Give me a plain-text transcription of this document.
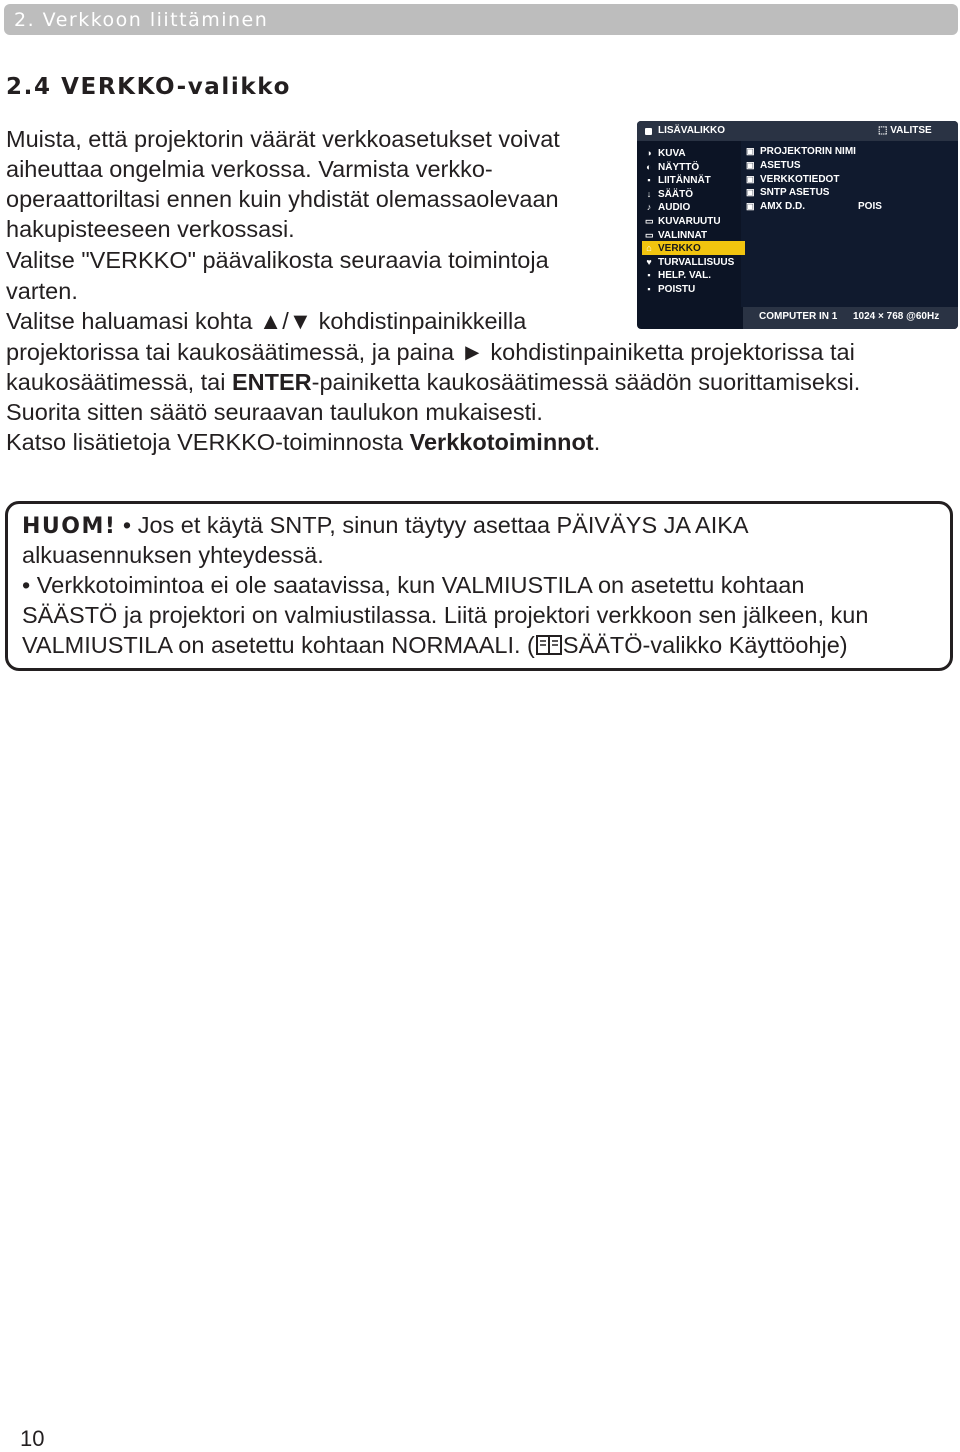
2. Verkkoon liittäminen
2.4 VERKKO-valikko
Muista, että projektorin väärät verkkoasetukset voivat
aiheuttaa ongelmia verkossa. Varmista verkko-
operaattoriltasi ennen kuin yhdistät olemassaolevaan
hakupisteeseen verkossasi.
Valitse "VERKKO" päävalikosta seuraavia toimintoja
varten.
Valitse haluamasi kohta ▲/▼ kohdistinpainikkeilla
projektorissa tai kaukosäätimessä, ja paina ► kohdistinpainiketta projektorissa tai
kaukosäätimessä, tai ENTER-painiketta kaukosäätimessä säädön suorittamiseksi.
Suorita sitten säätö seuraavan taulukon mukaisesti.
Katso lisätietoja VERKKO-toiminnosta Verkkotoiminnot.
LISÄVALIKKO	⬚ VALITSE
◑ KUVA
◐ NÄYTTÖ
▪ LIITÄNNÄT
↓ SÄÄTÖ
♪ AUDIO
▭ KUVARUUTU
▭ VALINNAT
⌂ VERKKO
♥ TURVALLISUUS
▪ HELP. VAL.
▪ POISTU
▣ PROJEKTORIN NIMI
▣ ASETUS
▣ VERKKOTIEDOT
▣ SNTP ASETUS
▣ AMX D.D.	POIS
COMPUTER IN 1 1024 × 768 @60Hz
HUOM! • Jos et käytä SNTP, sinun täytyy asettaa PÄIVÄYS JA AIKA
alkuasennuksen yhteydessä.
• Verkkotoimintoa ei ole saatavissa, kun VALMIUSTILA on asetettu kohtaan
SÄÄSTÖ ja projektori on valmiustilassa. Liitä projektori verkkoon sen jälkeen, kun
VALMIUSTILA on asetettu kohtaan NORMAALI. ( SÄÄTÖ-valikko Käyttöohje)
10
